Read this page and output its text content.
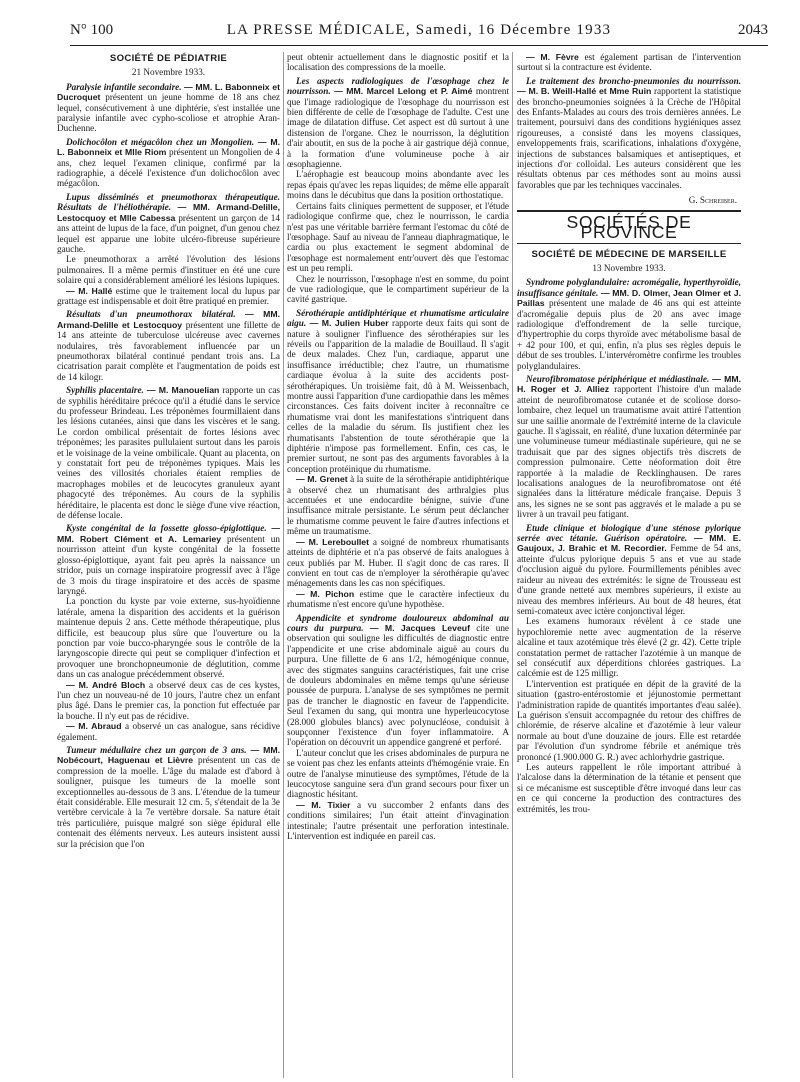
N° 100	LA PRESSE MÉDICALE, Samedi, 16 Décembre 1933	2043
SOCIÉTÉ DE PÉDIATRIE
21 Novembre 1933.

Paralysie infantile secondaire. — MM. L. Babonneix et Ducroquet présentent un jeune homme de 18 ans chez lequel, consécutivement à une diphtérie, s'est installée une paralysie infantile avec cypho-scoliose et atrophie Aran-Duchenne.

Dolichocôlon et mégacôlon chez un Mongolien. — M. L. Babonneix et Mlle Riom présentent un Mongolien de 4 ans, chez lequel l'examen clinique, confirmé par la radiographie, a décelé l'existence d'un dolichocôlon avec mégacôlon.

Lupus disséminés et pneumothorax thérapeutique. Résultats de l'héliothérapie. — MM. Armand-Delille, Lestocquoy et Mlle Cabessa présentent un garçon de 14 ans atteint de lupus de la face, d'un poignet, d'un genou chez lequel est apparue une lobite ulcéro-fibreuse supérieure gauche.

Le pneumothorax a arrêté l'évolution des lésions pulmonaires. Il a même permis d'instituer en été une cure solaire qui a considérablement amélioré les lésions lupiques.

— M. Hallé estime que le traitement local du lupus par grattage est indispensable et doit être pratiqué en premier.

Résultats d'un pneumothorax bilatéral. — MM. Armand-Delille et Lestocquoy présentent une fillette de 14 ans atteinte de tuberculose ulcéreuse avec cavernes nodulaires, très favorablement influencée par un pneumothorax bilatéral continué pendant trois ans. La cicatrisation parait complète et l'augmentation de poids est de 14 kilogr.

Syphilis placentaire. — M. Manouelian rapporte un cas de syphilis héréditaire précoce qu'il a étudié dans le service du professeur Brindeau. Les tréponèmes fourmillaient dans les lésions cutanées, ainsi que dans les viscères et le sang. Le cordon ombilical présentait de fortes lésions avec tréponèmes; les parasites pullulaient surtout dans les parois et le voisinage de la veine ombilicale. Quant au placenta, on y constatait fort peu de tréponèmes typiques. Mais les veines des villosités choriales étaient remplies de macrophages mobiles et de leucocytes granuleux ayant phagocyté des tréponèmes. Au cours de la syphilis héréditaire, le placenta est donc le siège d'une vive réaction, de défense locale.

Kyste congénital de la fossette glosso-épiglottique. — MM. Robert Clément et A. Lemariey présentent un nourrisson atteint d'un kyste congénital de la fossette glosso-épiglottique, ayant fait peu après la naissance un stridor, puis un cornage inspiratoire progressif avec à l'âge de 3 mois du tirage inspiratoire et des accès de spasme laryngé.

La ponction du kyste par voie externe, sus-hyoïdienne latérale, amena la disparition des accidents et la guérison maintenue depuis 2 ans. Cette méthode thérapeutique, plus difficile, est beaucoup plus sûre que l'ouverture ou la ponction par voie bucco-pharyngée sous le contrôle de la laryngoscopie directe qui peut se compliquer d'infection et provoquer une bronchopneumonie de déglutition, comme dans un cas analogue précédemment observé.

— M. André Bloch a observé deux cas de ces kystes, l'un chez un nouveau-né de 10 jours, l'autre chez un enfant plus âgé. Dans le premier cas, la ponction fut effectuée par la bouche. Il n'y eut pas de récidive.

— M. Abraud a observé un cas analogue, sans récidive également.

Tumeur médullaire chez un garçon de 3 ans. — MM. Nobécourt, Haguenau et Lièvre présentent un cas de compression de la moelle. L'âge du malade est d'abord à souligner, puisque les tumeurs de la moelle sont exceptionnelles au-dessous de 3 ans. L'étendue de la tumeur était considérable. Elle mesurait 12 cm. 5, s'étendait de la 3e vertèbre cervicale à la 7e vertèbre dorsale. Sa nature était très particulière, puisque malgré son siège épidural elle contenait des éléments nerveux. Les auteurs insistent aussi sur la précision que l'on

peut obtenir actuellement dans le diagnostic positif et la localisation des compressions de la moelle.

Les aspects radiologiques de l'œsophage chez le nourrisson. — MM. Marcel Lelong et P. Aimé montrent que l'image radiologique de l'œsophage du nourrisson est bien différente de celle de l'œsophage de l'adulte. C'est une image de dilatation diffuse. Cet aspect est dû surtout à une distension de l'organe. Chez le nourrisson, la déglutition d'air aboutit, en sus de la poche à air gastrique déjà connue, à la formation d'une volumineuse poche à air œsophagienne.

L'aérophagie est beaucoup moins abondante avec les repas épais qu'avec les repas liquides; de même elle apparaît moins dans le décubitus que dans la position orthostatique.

Certains faits cliniques permettent de supposer, et l'étude radiologique confirme que, chez le nourrisson, le cardia n'est pas une véritable barrière fermant l'estomac du côté de l'œsophage. Sauf au niveau de l'anneau diaphragmatique, le cardia ou plus exactement le segment abdominal de l'œsophage est normalement entr'ouvert dès que l'estomac est un peu rempli.

Chez le nourrisson, l'œsophage n'est en somme, du point de vue radiologique, que le compartiment supérieur de la cavité gastrique.

Sérothérapie antidiphtérique et rhumatisme articulaire aigu. — M. Julien Huber rapporte deux faits qui sont de nature à souligner l'influence des sérothérapies sur les réveils ou l'apparition de la maladie de Bouillaud. Il s'agit de deux malades. Chez l'un, cardiaque, apparut une insuffisance irréductible; chez l'autre, un rhumatisme cardiaque évolua à la suite des accidents post-sérothérapiques. Un troisième fait, dû à M. Weissenbach, montre aussi l'apparition d'une cardiopathie dans les mêmes circonstances. Ces faits doivent inciter à reconnaître ce rhumatisme vrai dont les manifestations s'intriquent dans celles de la maladie du sérum. Ils justifient chez les rhumatisants l'abstention de toute sérothérapie que la diphtérie n'impose pas formellement. Enfin, ces cas, le premier surtout, ne sont pas des arguments favorables à la conception protéinique du rhumatisme.

— M. Grenet à la suite de la sérothérapie antidiphtérique a observé chez un rhumatisant des arthralgies plus accentuées et une endocardite bénigne, suivie d'une insuffisance mitrale persistante. Le sérum peut déclancher le rhumatisme comme peuvent le faire d'autres infections et même un traumatisme.

— M. Lereboullet a soigné de nombreux rhumatisants atteints de diphtérie et n'a pas observé de faits analogues à ceux publiés par M. Huber. Il s'agit donc de cas rares. Il convient en tout cas de n'employer la sérothérapie qu'avec ménagements dans les cas non spécifiques.

— M. Pichon estime que le caractère infectieux du rhumatisme n'est encore qu'une hypothèse.

Appendicite et syndrome douloureux abdominal au cours du purpura. — M. Jacques Leveuf cite une observation qui souligne les difficultés de diagnostic entre l'appendicite et une crise abdominale aiguë au cours du purpura. Une fillette de 6 ans 1/2, hémogénique connue, avec des stigmates sanguins caractéristiques, fait une crise de douleurs abdominales en même temps qu'une sérieuse poussée de purpura. L'analyse de ses symptômes ne permit pas de trancher le diagnostic en faveur de l'appendicite. Seul l'examen du sang, qui montra une hyperleucocytose (28.000 globules blancs) avec polynucléose, conduisit à soupçonner l'existence d'un foyer inflammatoire. A l'opération on découvrit un appendice gangrené et perforé.

L'auteur conclut que les crises abdominales de purpura ne se voient pas chez les enfants atteints d'hémogénie vraie. En outre de l'analyse minutieuse des symptômes, l'étude de la leucocytose sanguine sera d'un grand secours pour fixer un diagnostic hésitant.

— M. Tixier a vu succomber 2 enfants dans des conditions similaires; l'un était atteint d'invagination intestinale; l'autre présentait une perforation intestinale. L'intervention est indiquée en pareil cas.

— M. Fèvre est également partisan de l'intervention surtout si la contracture est évidente.

Le traitement des broncho-pneumonies du nourrisson. — M. B. Weill-Hallé et Mme Ruin rapportent la statistique des broncho-pneumonies soignées à la Crèche de l'Hôpital des Enfants-Malades au cours des trois dernières années. Le traitement, poursuivi dans des conditions hygiéniques assez rigoureuses, a consisté dans les moyens classiques, enveloppements frais, scarifications, inhalations d'oxygène, injections de substances balsamiques et antiseptiques, et injections d'or colloïdal. Les auteurs considèrent que les résultats obtenus par ces méthodes sont au moins aussi favorables que par les techniques vaccinales.

G. Schreiber.
SOCIÉTÉS DE PROVINCE
SOCIÉTÉ DE MÉDECINE DE MARSEILLE
13 Novembre 1933.

Syndrome polyglandulaire: acromégalie, hyperthyroïdie, insuffisance génitale. — MM. D. Olmer, Jean Olmer et J. Paillas présentent une malade de 46 ans qui est atteinte d'acromégalie depuis plus de 20 ans avec image radiologique d'effondrement de la selle turcique, d'hypertrophie du corps thyroïde avec métabolisme basal de + 42 pour 100, et qui, enfin, n'a plus ses règles depuis le début de ses troubles. L'intervéromètre confirme les troubles polyglandulaires.

Neurofibromatose périphérique et médiastinale. — MM. H. Roger et J. Alliez rapportent l'histoire d'un malade atteint de neurofibromatose cutanée et de scoliose dorso-lombaire, chez lequel un traumatisme avait attiré l'attention sur une saillie anormale de l'extrémité interne de la clavicule gauche. Il s'agissait, en réalité, d'une luxation déterminée par une volumineuse tumeur médiastinale supérieure, qui ne se traduisait que par des signes objectifs très discrets de compression pulmonaire. Cette néoformation doit être rapportée à la maladie de Recklinghausen. De rares localisations analogues de la neurofibromatose ont été signalées dans la littérature médicale française. Depuis 3 ans, les signes ne se sont pas aggravés et le malade a pu se livrer à un travail peu fatigant.

Etude clinique et biologique d'une sténose pylorique serrée avec tétanie. Guérison opératoire. — MM. E. Gaujoux, J. Brahic et M. Recordier. Femme de 54 ans, atteinte d'ulcus pylorique depuis 5 ans et vue au stade d'occlusion aiguë du pylore. Fourmillements pénibles avec raideur au niveau des extrémités: le signe de Trousseau est d'une grande netteté aux membres supérieurs, il existe au niveau des membres inférieurs. Au bout de 48 heures, état semi-comateux avec ictère conjonctival léger.

Les examens humoraux révèlent à ce stade une hypochloremie nette avec augmentation de la réserve alcaline et taux azotémique très élevé (2 gr. 42). Cette triple constatation permet de rattacher l'azotémie à un manque de sel consécutif aux déperditions chlorées gastriques. La calcémie est de 125 milligr.

L'intervention est pratiquée en dépit de la gravité de la situation (gastro-entérostomie et jéjunostomie permettant l'administration rapide de quantités importantes d'eau salée). La guérison s'ensuit accompagnée du retour des chiffres de chlorémie, de réserve alcaline et d'azotémie à leur valeur normale au bout d'une douzaine de jours. Elle est retardée par l'évolution d'un syndrome fébrile et anémique très prononcé (1.900.000 G. R.) avec achlorhydrie gastrique.

Les auteurs rappellent le rôle important attribué à l'alcalose dans la détermination de la tétanie et pensent que si ce mécanisme est susceptible d'être invoqué dans leur cas en ce qui concerne la production des contractures des extrémités, les trou-
